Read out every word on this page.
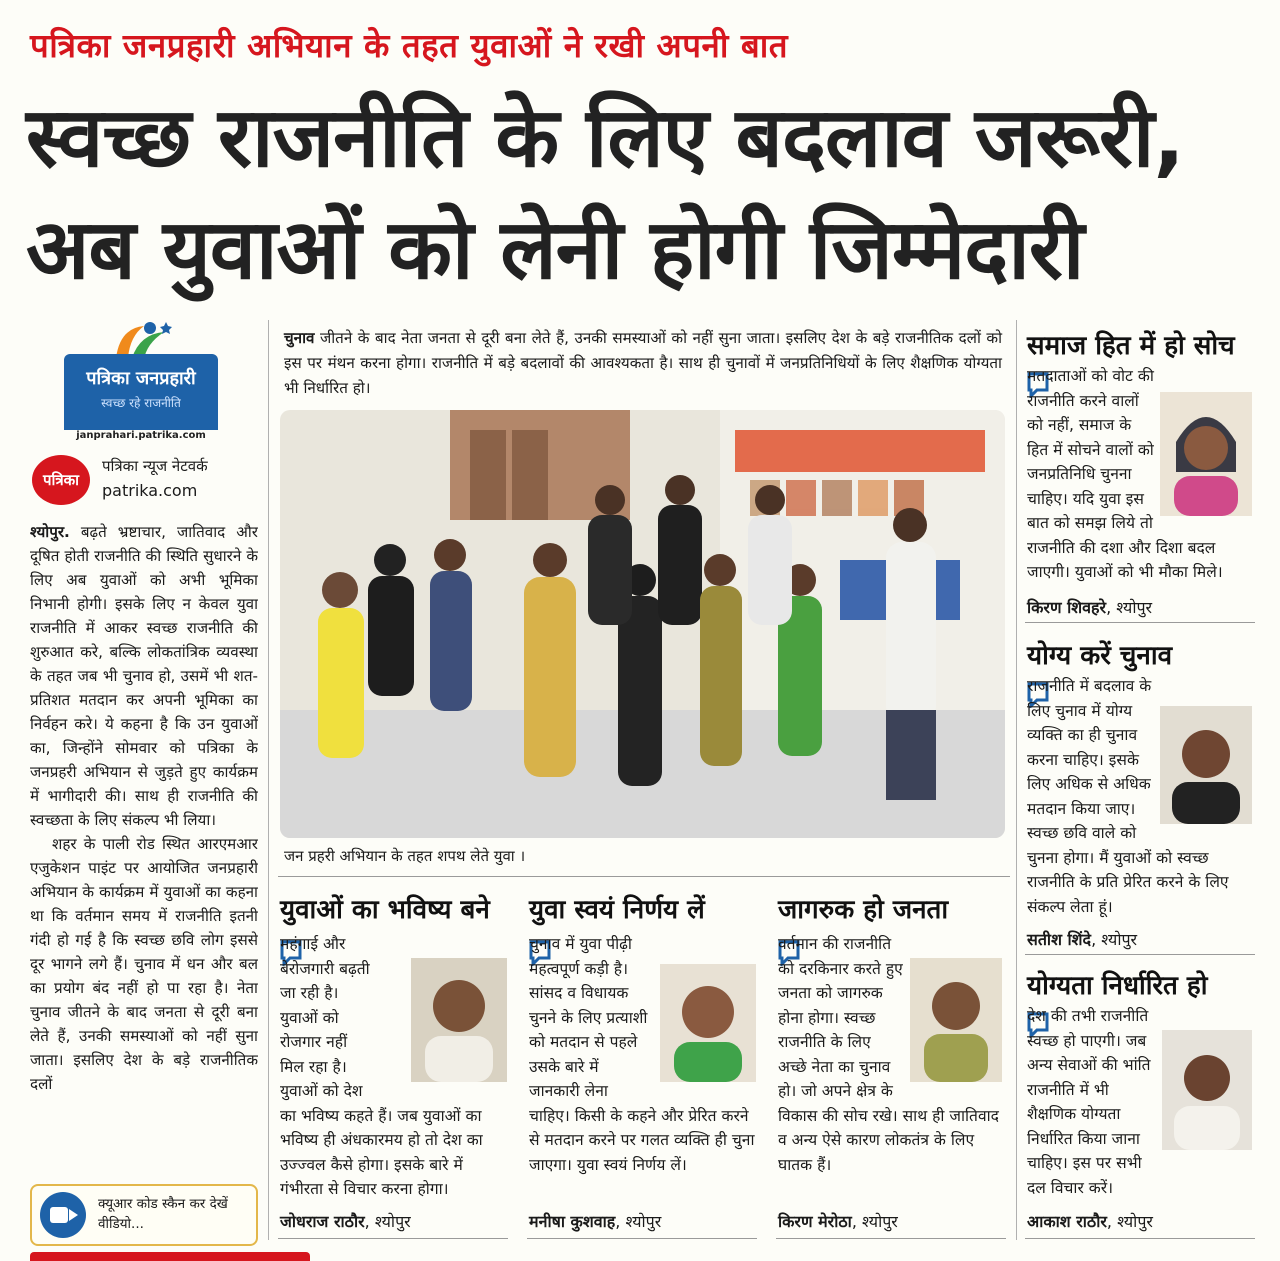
पत्रिका जनप्रहारी अभियान के तहत युवाओं ने रखी अपनी बात
स्वच्छ राजनीति के लिए बदलाव जरूरी,
अब युवाओं को लेनी होगी जिम्मेदारी
पत्रिका जनप्रहारी
स्वच्छ रहे राजनीति
janprahari.patrika.com
पत्रिका
पत्रिका न्यूज नेटवर्क
patrika.com

श्योपुर. बढ़ते भ्रष्टाचार, जातिवाद और दूषित होती राजनीति की स्थिति सुधारने के लिए अब युवाओं को अभी भूमिका निभानी होगी। इसके लिए न केवल युवा राजनीति में आकर स्वच्छ राजनीति की शुरुआत करे, बल्कि लोकतांत्रिक व्यवस्था के तहत जब भी चुनाव हो, उसमें भी शत-प्रतिशत मतदान कर अपनी भूमिका का निर्वहन करे। ये कहना है कि उन युवाओं का, जिन्होंने सोमवार को पत्रिका के जनप्रहरी अभियान से जुड़ते हुए कार्यक्रम में भागीदारी की। साथ ही राजनीति की स्वच्छता के लिए संकल्प भी लिया।

शहर के पाली रोड स्थित आरएमआर एजुकेशन पाइंट पर आयोजित जनप्रहारी अभियान के कार्यक्रम में युवाओं का कहना था कि वर्तमान समय में राजनीति इतनी गंदी हो गई है कि स्वच्छ छवि लोग इससे दूर भागने लगे हैं। चुनाव में धन और बल का प्रयोग बंद नहीं हो पा रहा है। नेता चुनाव जीतने के बाद जनता से दूरी बना लेते हैं, उनकी समस्याओं को नहीं सुना जाता। इसलिए देश के बड़े राजनीतिक दलों

क्यूआर कोड स्कैन कर देखें वीडियो...
चुनाव जीतने के बाद नेता जनता से दूरी बना लेते हैं, उनकी समस्याओं को नहीं सुना जाता। इसलिए देश के बड़े राजनीतिक दलों को इस पर मंथन करना होगा। राजनीति में बड़े बदलावों की आवश्यकता है। साथ ही चुनावों में जनप्रतिनिधियों के लिए शैक्षणिक योग्यता भी निर्धारित हो।
जन प्रहरी अभियान के तहत शपथ लेते युवा ।
युवाओं का भविष्य बने
महंगाई और बेरोजगारी बढ़ती जा रही है। युवाओं को रोजगार नहीं मिल रहा है। युवाओं को देश का भविष्य कहते हैं। जब युवाओं का भविष्य ही अंधकारमय हो तो देश का उज्ज्वल कैसे होगा। इसके बारे में गंभीरता से विचार करना होगा।
जोधराज राठौर, श्योपुर
युवा स्वयं निर्णय लें
चुनाव में युवा पीढ़ी महत्वपूर्ण कड़ी है। सांसद व विधायक चुनने के लिए प्रत्याशी को मतदान से पहले उसके बारे में जानकारी लेना चाहिए। किसी के कहने और प्रेरित करने से मतदान करने पर गलत व्यक्ति ही चुना जाएगा। युवा स्वयं निर्णय लें।
मनीषा कुशवाह, श्योपुर
जागरुक हो जनता
वर्तमान की राजनीति को दरकिनार करते हुए जनता को जागरुक होना होगा। स्वच्छ राजनीति के लिए अच्छे नेता का चुनाव हो। जो अपने क्षेत्र के विकास की सोच रखे। साथ ही जातिवाद व अन्य ऐसे कारण लोकतंत्र के लिए घातक हैं।
किरण मेरोठा, श्योपुर
समाज हित में हो सोच
मतदाताओं को वोट की राजनीति करने वालों को नहीं, समाज के हित में सोचने वालों को जनप्रतिनिधि चुनना चाहिए। यदि युवा इस बात को समझ लिये तो राजनीति की दशा और दिशा बदल जाएगी। युवाओं को भी मौका मिले।
किरण शिवहरे, श्योपुर
योग्य करें चुनाव
राजनीति में बदलाव के लिए चुनाव में योग्य व्यक्ति का ही चुनाव करना चाहिए। इसके लिए अधिक से अधिक मतदान किया जाए। स्वच्छ छवि वाले को चुनना होगा। मैं युवाओं को स्वच्छ राजनीति के प्रति प्रेरित करने के लिए संकल्प लेता हूं।
सतीश शिंदे, श्योपुर
योग्यता निर्धारित हो
देश की तभी राजनीति स्वच्छ हो पाएगी। जब अन्य सेवाओं की भांति राजनीति में भी शैक्षणिक योग्यता निर्धारित किया जाना चाहिए। इस पर सभी दल विचार करें।
आकाश राठौर, श्योपुर
